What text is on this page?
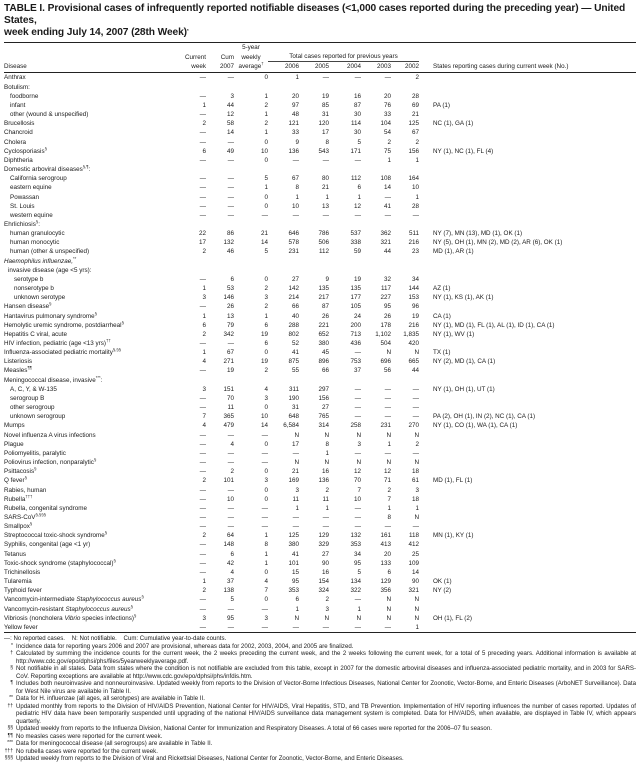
TABLE I. Provisional cases of infrequently reported notifiable diseases (<1,000 cases reported during the preceding year) — United States,
week ending July 14, 2007 (28th Week)*
			5-year						
	Current	Cum	weekly	Total cases reported for previous years					
Disease	week	2007	average†	2006	2005	2004	2003	2002	States reporting cases during current week (No.)
Anthrax	—	—	0	1	—	—	—	2	
Botulism:									
foodborne	—	3	1	20	19	16	20	28	
infant	1	44	2	97	85	87	76	69	PA (1)
other (wound & unspecified)	—	12	1	48	31	30	33	21	
Brucellosis	2	58	2	121	120	114	104	125	NC (1), GA (1)
Chancroid	—	14	1	33	17	30	54	67	
Cholera	—	—	0	9	8	5	2	2	
Cyclosporiasis§	6	49	10	136	543	171	75	156	NY (1), NC (1), FL (4)
Diphtheria	—	—	0	—	—	—	1	1	
Domestic arboviral diseases§,¶:									
California serogroup	—	—	5	67	80	112	108	164	
eastern equine	—	—	1	8	21	6	14	10	
Powassan	—	—	0	1	1	1	—	1	
St. Louis	—	—	0	10	13	12	41	28	
western equine	—	—	—	—	—	—	—	—	
Ehrlichiosis§:									
human granulocytic	22	86	21	646	786	537	362	511	NY (7), MN (13), MD (1), OK (1)
human monocytic	17	132	14	578	506	338	321	216	NY (5), OH (1), MN (2), MD (2), AR (6), OK (1)
human (other & unspecified)	2	46	5	231	112	59	44	23	MD (1), AR (1)
Haemophilus influenzae,**									
invasive disease (age <5 yrs):									
serotype b	—	6	0	27	9	19	32	34	
nonserotype b	1	53	2	142	135	135	117	144	AZ (1)
unknown serotype	3	146	3	214	217	177	227	153	NY (1), KS (1), AK (1)
Hansen disease§	—	26	2	66	87	105	95	96	
Hantavirus pulmonary syndrome§	1	13	1	40	26	24	26	19	CA (1)
Hemolytic uremic syndrome, postdiarrheal§	6	79	6	288	221	200	178	216	NY (1), MD (1), FL (1), AL (1), ID (1), CA (1)
Hepatitis C viral, acute	2	342	19	802	652	713	1,102	1,835	NY (1), WV (1)
HIV infection, pediatric (age <13 yrs)††	—	—	6	52	380	436	504	420	
Influenza-associated pediatric mortality§,§§	1	67	0	41	45	—	N	N	TX (1)
Listeriosis	4	271	19	875	896	753	696	665	NY (2), MD (1), CA (1)
Measles¶¶	—	19	2	55	66	37	56	44	
Meningococcal disease, invasive***:									
A, C, Y, & W-135	3	151	4	311	297	—	—	—	NY (1), OH (1), UT (1)
serogroup B	—	70	3	190	156	—	—	—	
other serogroup	—	11	0	31	27	—	—	—	
unknown serogroup	7	365	10	648	765	—	—	—	PA (2), OH (1), IN (2), NC (1), CA (1)
Mumps	4	479	14	6,584	314	258	231	270	NY (1), CO (1), WA (1), CA (1)
Novel influenza A virus infections	—	—	—	N	N	N	N	N	
Plague	—	4	0	17	8	3	1	2	
Poliomyelitis, paralytic	—	—	—	—	1	—	—	—	
Poliovirus infection, nonparalytic§	—	—	—	N	N	N	N	N	
Psittacosis§	—	2	0	21	16	12	12	18	
Q fever§	2	101	3	169	136	70	71	61	MD (1), FL (1)
Rabies, human	—	—	0	3	2	7	2	3	
Rubella†††	—	10	0	11	11	10	7	18	
Rubella, congenital syndrome	—	—	—	1	1	—	1	1	
SARS-CoV§,§§§	—	—	—	—	—	—	8	N	
Smallpox§	—	—	—	—	—	—	—	—	
Streptococcal toxic-shock syndrome§	2	64	1	125	129	132	161	118	MN (1), KY (1)
Syphilis, congenital (age <1 yr)	—	148	8	380	329	353	413	412	
Tetanus	—	6	1	41	27	34	20	25	
Toxic-shock syndrome (staphylococcal)§	—	42	1	101	90	95	133	109	
Trichinellosis	—	4	0	15	16	5	6	14	
Tularemia	1	37	4	95	154	134	129	90	OK (1)
Typhoid fever	2	138	7	353	324	322	356	321	NY (2)
Vancomycin-intermediate Staphylococcus aureus§	—	5	0	6	2	—	N	N	
Vancomycin-resistant Staphylococcus aureus§	—	—	—	1	3	1	N	N	
Vibriosis (noncholera Vibrio species infections)§	3	95	3	N	N	N	N	N	OH (1), FL (2)
Yellow fever	—	—	—	—	—	—	—	1	
—: No reported cases.    N: Not notifiable.    Cum: Cumulative year-to-date counts.
* Incidence data for reporting years 2006 and 2007 are provisional, whereas data for 2002, 2003, 2004, and 2005 are finalized.
† Calculated by summing the incidence counts for the current week, the 2 weeks preceding the current week, and the 2 weeks following the current week, for a total of 5 preceding years. Additional information is available at http://www.cdc.gov/epo/dphsi/phs/files/5yearweeklyaverage.pdf.
§ Not notifiable in all states. Data from states where the condition is not notifiable are excluded from this table, except in 2007 for the domestic arboviral diseases and influenza-associated pediatric mortality, and in 2003 for SARS-CoV. Reporting exceptions are available at http://www.cdc.gov/epo/dphsi/phs/infdis.htm.
¶ Includes both neuroinvasive and nonneuroinvasive. Updated weekly from reports to the Division of Vector-Borne Infectious Diseases, National Center for Zoonotic, Vector-Borne, and Enteric Diseases (ArboNET Surveillance). Data for West Nile virus are available in Table II.
** Data for H. influenzae (all ages, all serotypes) are available in Table II.
†† Updated monthly from reports to the Division of HIV/AIDS Prevention, National Center for HIV/AIDS, Viral Hepatitis, STD, and TB Prevention. Implementation of HIV reporting influences the number of cases reported. Updates of pediatric HIV data have been temporarily suspended until upgrading of the national HIV/AIDS surveillance data management system is completed. Data for HIV/AIDS, when available, are displayed in Table IV, which appears quarterly.
§§ Updated weekly from reports to the Influenza Division, National Center for Immunization and Respiratory Diseases. A total of 66 cases were reported for the 2006–07 flu season.
¶¶ No measles cases were reported for the current week.
*** Data for meningococcal disease (all serogroups) are available in Table II.
††† No rubella cases were reported for the current week.
§§§ Updated weekly from reports to the Division of Viral and Rickettsial Diseases, National Center for Zoonotic, Vector-Borne, and Enteric Diseases.
